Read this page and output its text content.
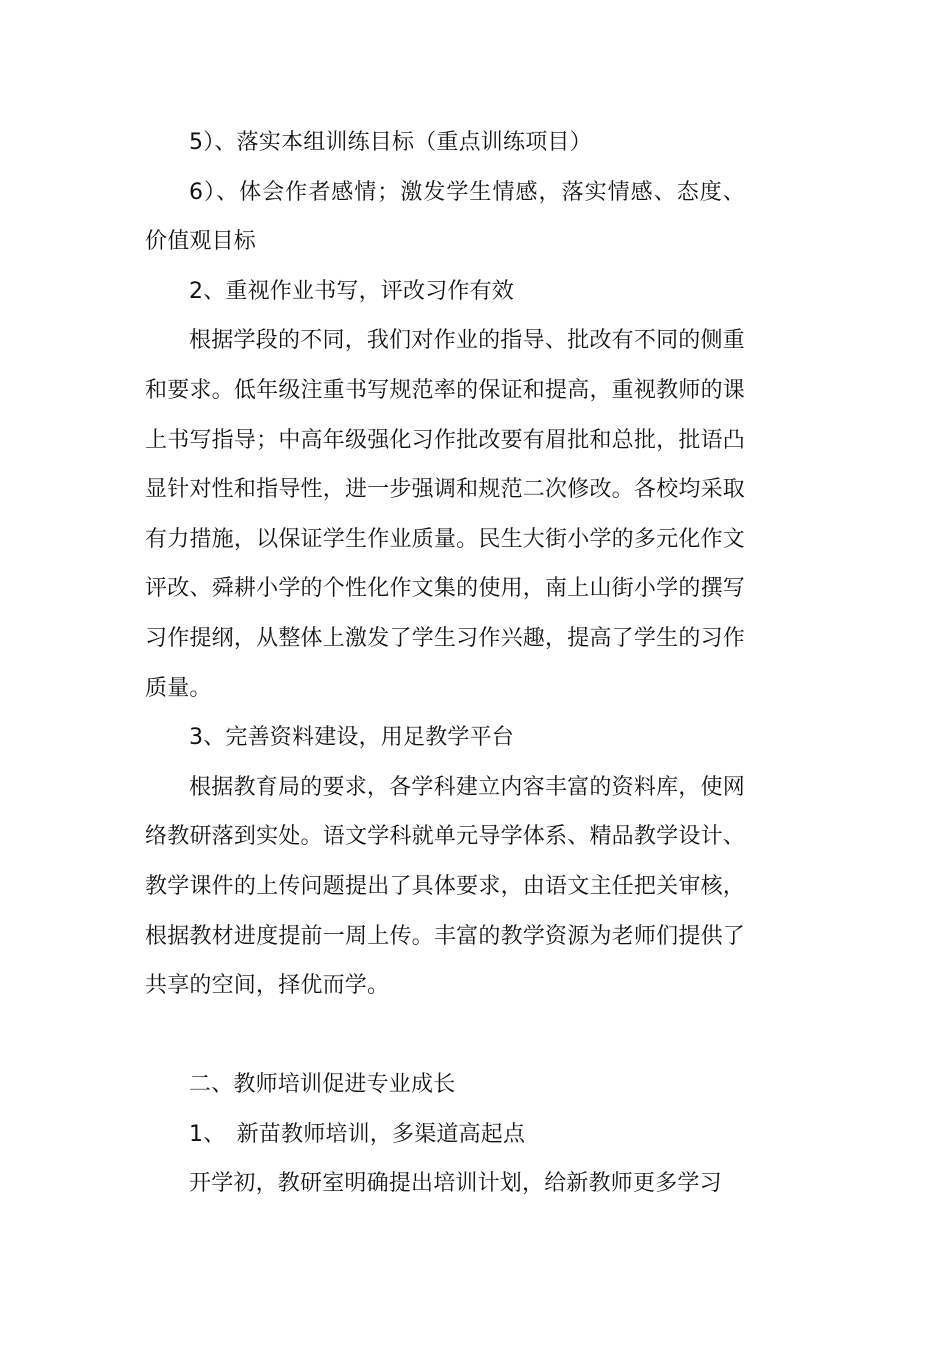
5）、落实本组训练目标（重点训练项目）

6）、体会作者感情；激发学生情感，落实情感、态度、价值观目标

2、重视作业书写，评改习作有效

根据学段的不同，我们对作业的指导、批改有不同的侧重和要求。低年级注重书写规范率的保证和提高，重视教师的课上书写指导；中高年级强化习作批改要有眉批和总批，批语凸显针对性和指导性，进一步强调和规范二次修改。各校均采取有力措施，以保证学生作业质量。民生大街小学的多元化作文评改、舜耕小学的个性化作文集的使用，南上山街小学的撰写习作提纲，从整体上激发了学生习作兴趣，提高了学生的习作质量。

3、完善资料建设，用足教学平台

根据教育局的要求，各学科建立内容丰富的资料库，使网络教研落到实处。语文学科就单元导学体系、精品教学设计、教学课件的上传问题提出了具体要求，由语文主任把关审核，根据教材进度提前一周上传。丰富的教学资源为老师们提供了共享的空间，择优而学。

二、教师培训促进专业成长

1、　新苗教师培训，多渠道高起点

开学初，教研室明确提出培训计划，给新教师更多学习
